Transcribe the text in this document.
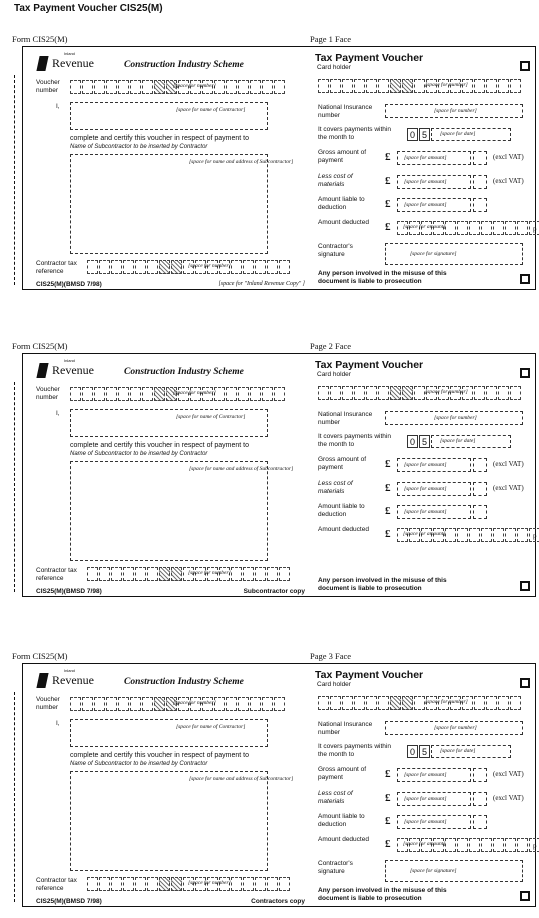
Tax Payment Voucher CIS25(M)
Form CIS25(M)	Page 1 Face
Inland
Revenue	Construction Industry Scheme
Voucher number
[space for number]
I,	[space for name of Contractor]
complete and certify this voucher in respect of payment to
Name of Subcontractor to be inserted by Contractor
[space for name and address of Subcontractor]
Contractor tax reference
[space for number]
CIS25(M)(BMSD 7/98)	[space for "Inland Revenue Copy" ]
Tax Payment Voucher
Card holder
[space for number]
National Insurance number
[space for number]
It covers payments within the month to	0 5	[space for date]
Gross amount of payment	£ [space for amount]	(excl VAT)
Less cost of materials	£ [space for amount]	(excl VAT)
Amount liable to deduction	£ [space for amount]
Amount deducted	£ [space for amount]	p
Contractor's signature	[space for signature]
Any person involved in the misuse of this document is liable to prosecution
Form CIS25(M)	Page 2 Face
Inland
Revenue	Construction Industry Scheme
Voucher number
[space for number]
I,	[space for name of Contractor]
complete and certify this voucher in respect of payment to
Name of Subcontractor to be inserted by Contractor
[space for name and address of Subcontractor]
Contractor tax reference
[space for number]
CIS25(M)(BMSD 7/98)	Subcontractor copy
Tax Payment Voucher
Card holder
[space for number]
National Insurance number
[space for number]
It covers payments within the month to	0 5	[space for date]
Gross amount of payment	£ [space for amount]	(excl VAT)
Less cost of materials	£ [space for amount]	(excl VAT)
Amount liable to deduction	£ [space for amount]
Amount deducted	£ [space for amount]	p
Any person involved in the misuse of this document is liable to prosecution
Form CIS25(M)	Page 3 Face
Inland
Revenue	Construction Industry Scheme
Voucher number
[space for number]
I,	[space for name of Contractor]
complete and certify this voucher in respect of payment to
Name of Subcontractor to be inserted by Contractor
[space for name and address of Subcontractor]
Contractor tax reference
[space for number]
CIS25(M)(BMSD 7/98)	Contractors copy
Tax Payment Voucher
Card holder
[space for number]
National Insurance number
[space for number]
It covers payments within the month to	0 5	[space for date]
Gross amount of payment	£ [space for amount]	(excl VAT)
Less cost of materials	£ [space for amount]	(excl VAT)
Amount liable to deduction	£ [space for amount]
Amount deducted	£ [space for amount]	p
Contractor's signature	[space for signature]
Any person involved in the misuse of this document is liable to prosecution
